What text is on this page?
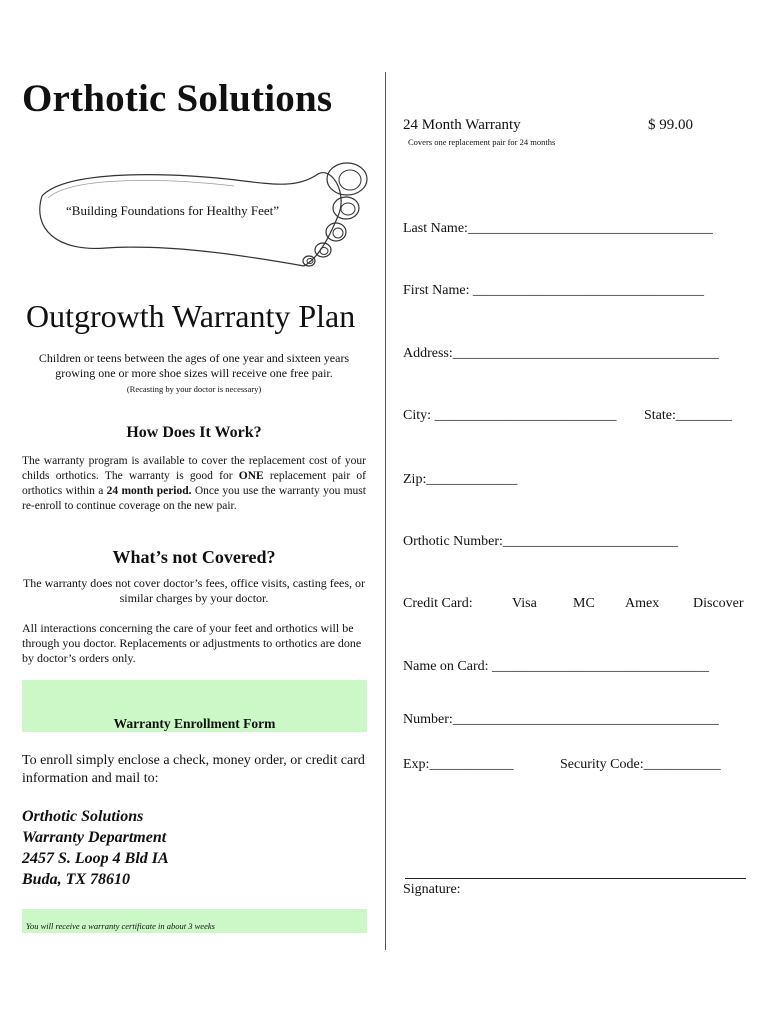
Orthotic Solutions
“Building Foundations for Healthy Feet”
Outgrowth Warranty Plan
Children or teens between the ages of one year and sixteen years growing one or more shoe sizes will receive one free pair.
(Recasting by your doctor is necessary)
How Does It Work?
The warranty program is available to cover the replacement cost of your childs orthotics. The warranty is good for ONE replacement pair of orthotics within a 24 month period. Once you use the warranty you must re-enroll to continue coverage on the new pair.
What’s not Covered?
The warranty does not cover doctor’s fees, office visits, casting fees, or similar charges by your doctor.
All interactions concerning the care of your feet and orthotics will be through you doctor. Replacements or adjustments to orthotics are done by doctor’s orders only.
Warranty Enrollment Form
To enroll simply enclose a check, money order, or credit card information and mail to:
Orthotic Solutions
Warranty Department
2457 S. Loop 4 Bld IA
Buda, TX 78610
You will receive a warranty certificate in about 3 weeks
24 Month Warranty	$ 99.00
Covers one replacement pair for 24 months
Last Name:___________________________________
First Name: _________________________________
Address:______________________________________
City: __________________________ State:________
Zip:_____________
Orthotic Number:_________________________
Credit Card:	Visa	MC Amex Discover
Name on Card: _______________________________
Number:______________________________________
Exp:____________	Security Code:___________
Signature:
